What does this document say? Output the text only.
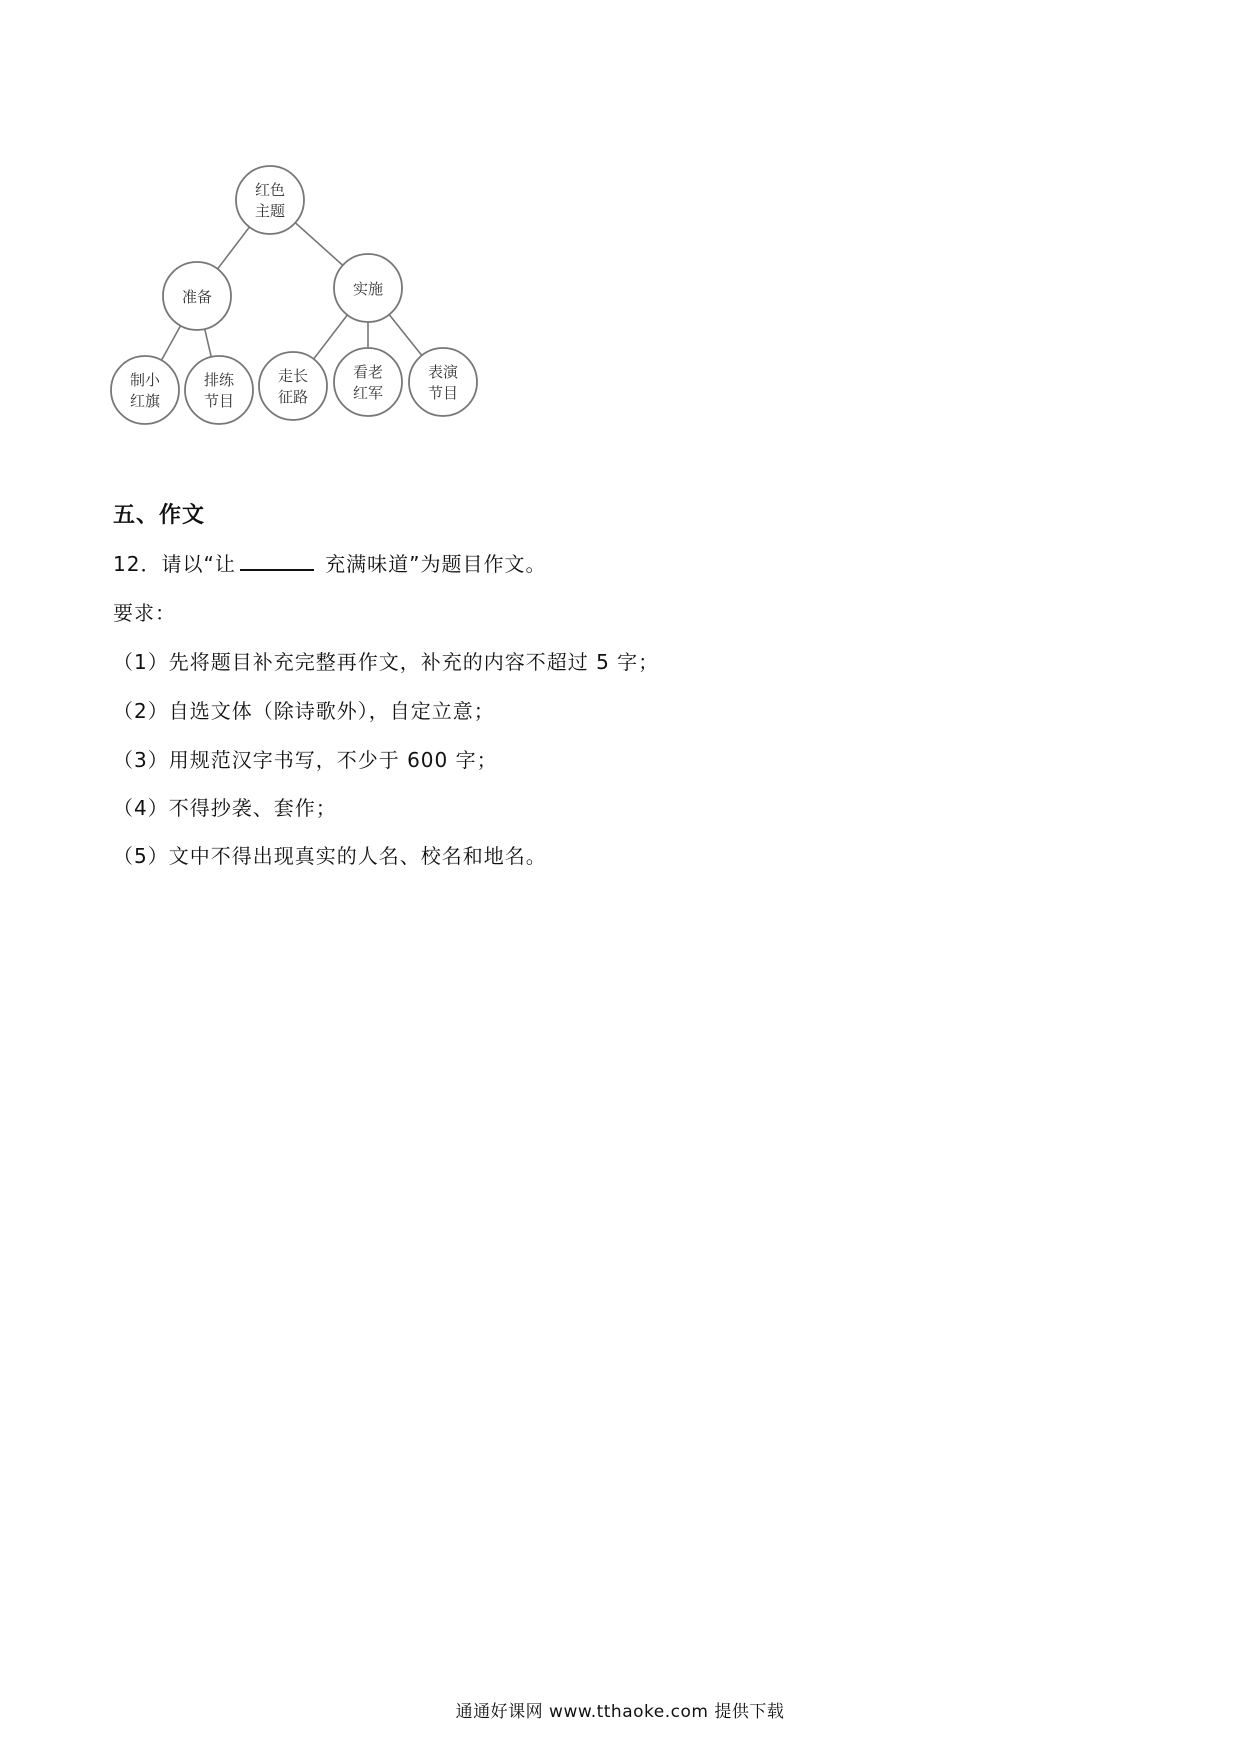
红色
主题
准备
制小
红旗
排练
节目
实施
走长
征路
看老
红军
表演
节目
五、作文
12．请以“让	充满味道”为题目作文。
要求：
（1）先将题目补充完整再作文，补充的内容不超过 5 字；
（2）自选文体（除诗歌外），自定立意；
（3）用规范汉字书写，不少于 600 字；
（4）不得抄袭、套作；
（5）文中不得出现真实的人名、校名和地名。
通通好课网 www.tthaoke.com 提供下载
